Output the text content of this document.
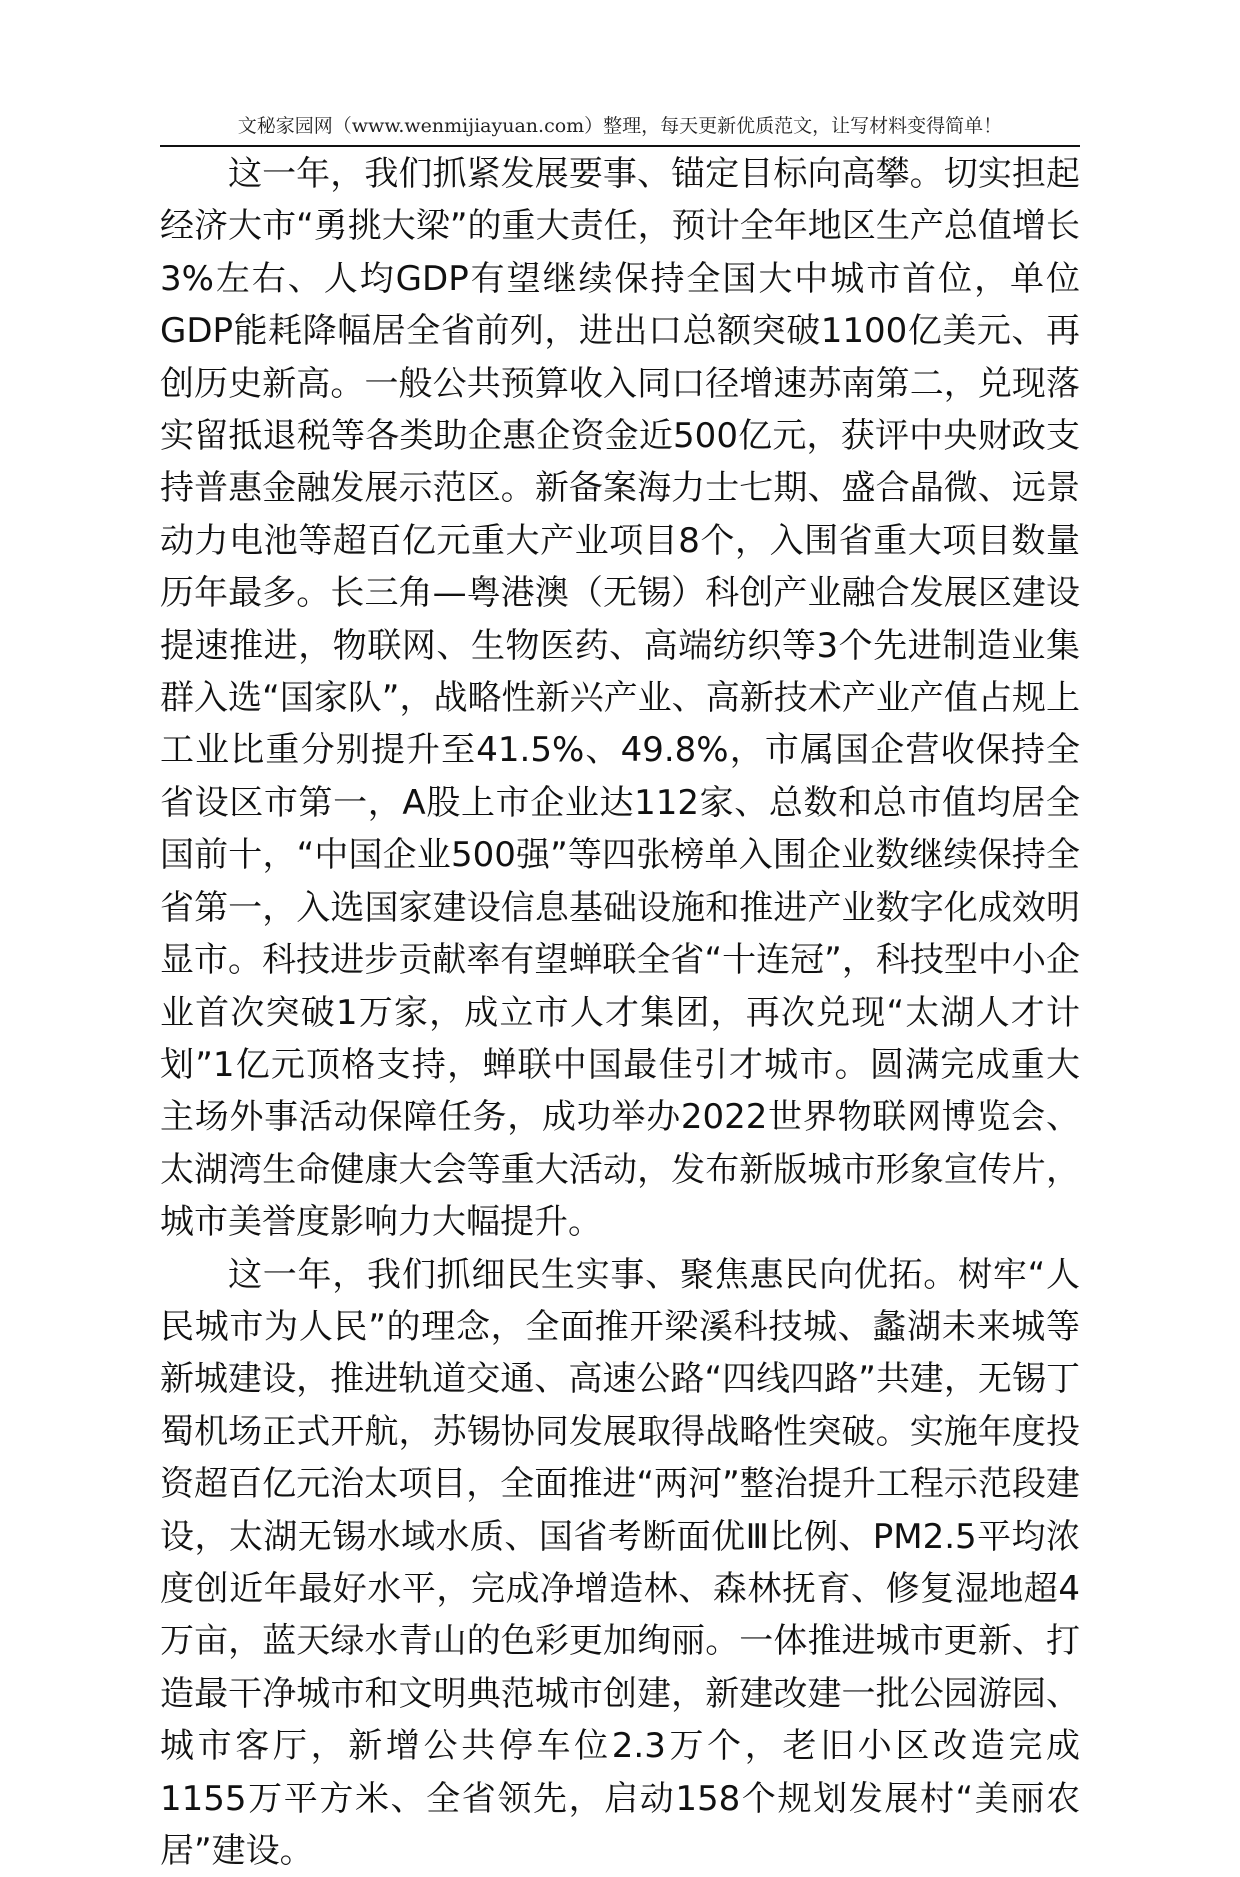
文秘家园网（www.wenmijiayuan.com）整理，每天更新优质范文，让写材料变得简单！

这一年，我们抓紧发展要事、锚定目标向高攀。切实担起经济大市“勇挑大梁”的重大责任，预计全年地区生产总值增长3%左右、人均GDP有望继续保持全国大中城市首位，单位GDP能耗降幅居全省前列，进出口总额突破1100亿美元、再创历史新高。一般公共预算收入同口径增速苏南第二，兑现落实留抵退税等各类助企惠企资金近500亿元，获评中央财政支持普惠金融发展示范区。新备案海力士七期、盛合晶微、远景动力电池等超百亿元重大产业项目8个，入围省重大项目数量历年最多。长三角—粤港澳（无锡）科创产业融合发展区建设提速推进，物联网、生物医药、高端纺织等3个先进制造业集群入选“国家队”，战略性新兴产业、高新技术产业产值占规上工业比重分别提升至41.5%、49.8%，市属国企营收保持全省设区市第一，A股上市企业达112家、总数和总市值均居全国前十，“中国企业500强”等四张榜单入围企业数继续保持全省第一，入选国家建设信息基础设施和推进产业数字化成效明显市。科技进步贡献率有望蝉联全省“十连冠”，科技型中小企业首次突破1万家，成立市人才集团，再次兑现“太湖人才计划”1亿元顶格支持，蝉联中国最佳引才城市。圆满完成重大主场外事活动保障任务，成功举办2022世界物联网博览会、太湖湾生命健康大会等重大活动，发布新版城市形象宣传片，城市美誉度影响力大幅提升。

这一年，我们抓细民生实事、聚焦惠民向优拓。树牢“人民城市为人民”的理念，全面推开梁溪科技城、蠡湖未来城等新城建设，推进轨道交通、高速公路“四线四路”共建，无锡丁蜀机场正式开航，苏锡协同发展取得战略性突破。实施年度投资超百亿元治太项目，全面推进“两河”整治提升工程示范段建设，太湖无锡水域水质、国省考断面优Ⅲ比例、PM2.5平均浓度创近年最好水平，完成净增造林、森林抚育、修复湿地超4万亩，蓝天绿水青山的色彩更加绚丽。一体推进城市更新、打造最干净城市和文明典范城市创建，新建改建一批公园游园、城市客厅，新增公共停车位2.3万个，老旧小区改造完成1155万平方米、全省领先，启动158个规划发展村“美丽农居”建设。
